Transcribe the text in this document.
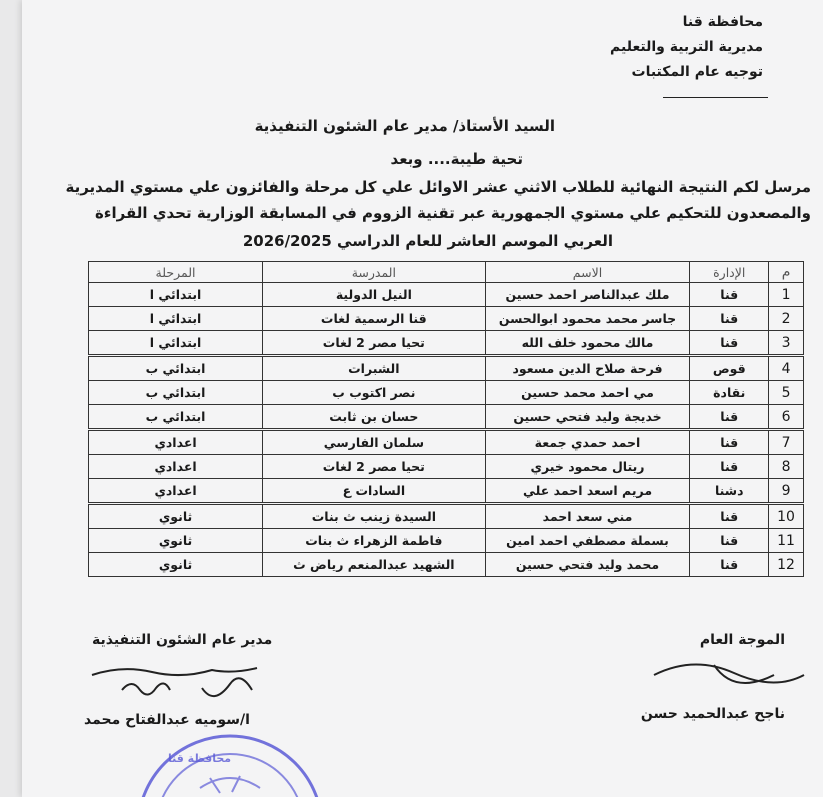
محافظة قنا
مديرية التربية والتعليم
توجيه عام المكتبات
السيد الأستاذ/ مدير عام الشئون التنفيذية
تحية طيبة.... وبعد
مرسل لكم النتيجة النهائية للطلاب الاثني عشر الاوائل علي كل مرحلة والفائزون علي مستوي المديرية
والمصعدون للتحكيم علي مستوي الجمهورية عبر تقنية الزووم في المسابقة الوزارية تحدي القراءة
العربي الموسم العاشر للعام الدراسي 2026/2025
مدير عام الشئون التنفيذية
ا/سوميه عبدالفتاح محمد
الموجة العام
ناجح عبدالحميد حسن
محافظة قنا
م	الإدارة	الاسم	المدرسة	المرحلة
1	قنا	ملك عبدالناصر احمد حسين	النيل الدولية	ابتدائي ا
2	قنا	جاسر محمد محمود ابوالحسن	قنا الرسمية لغات	ابتدائي ا
3	قنا	مالك محمود خلف الله	تحيا مصر 2 لغات	ابتدائي ا
4	قوص	فرحة صلاح الدين مسعود	الشبرات	ابتدائي ب
5	نقادة	مي احمد محمد حسين	نصر اكتوب ب	ابتدائي ب
6	قنا	خديجة وليد فتحي حسين	حسان بن ثابت	ابتدائي ب
7	قنا	احمد حمدي جمعة	سلمان الفارسي	اعدادي
8	قنا	ريتال محمود خيري	تحيا مصر 2 لغات	اعدادي
9	دشنا	مريم اسعد احمد علي	السادات ع	اعدادي
10	قنا	مني سعد احمد	السيدة زينب ث بنات	ثانوي
11	قنا	بسملة مصطفي احمد امين	فاطمة الزهراء ث بنات	ثانوي
12	قنا	محمد وليد فتحي حسين	الشهيد عبدالمنعم رياض ث	ثانوي
